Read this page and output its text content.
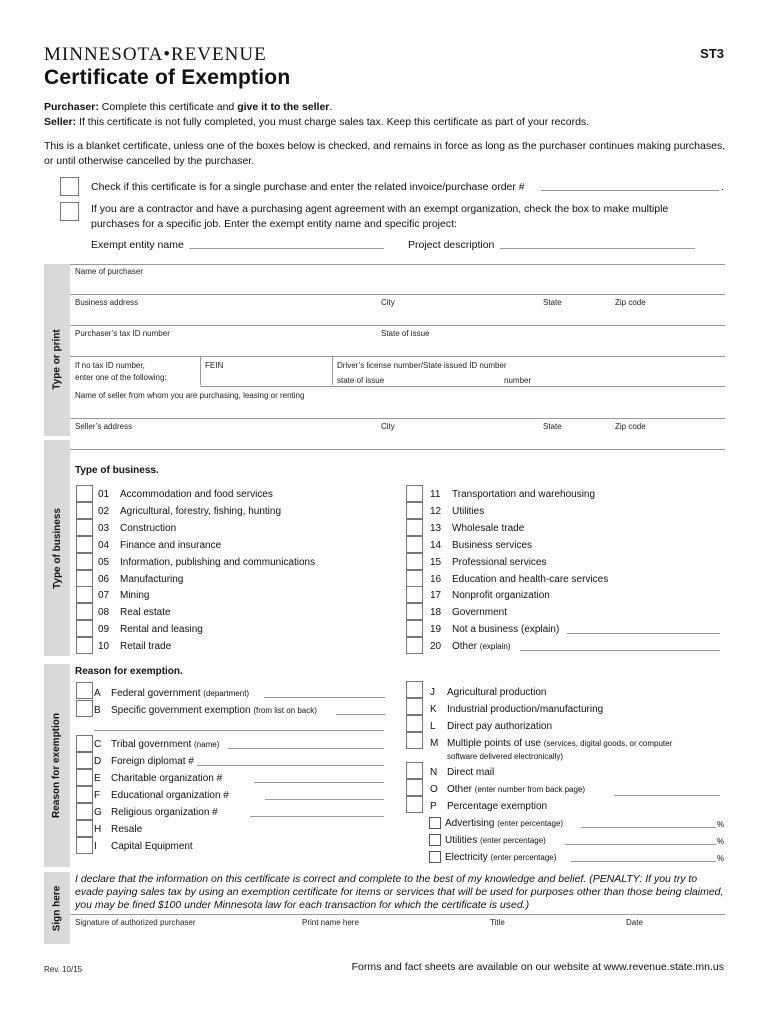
MINNESOTA•REVENUE	ST3
Certificate of Exemption
Purchaser: Complete this certificate and give it to the seller.
Seller: If this certificate is not fully completed, you must charge sales tax. Keep this certificate as part of your records.
This is a blanket certificate, unless one of the boxes below is checked, and remains in force as long as the purchaser continues making purchases, or until otherwise cancelled by the purchaser.
Check if this certificate is for a single purchase and enter the related invoice/purchase order #	.
If you are a contractor and have a purchasing agent agreement with an exempt organization, check the box to make multiple purchases for a specific job. Enter the exempt entity name and specific project:
Exempt entity name	Project description
Type or print
Name of purchaser
Business address	City	State	Zip code
Purchaser’s tax ID number	State of issue
If no tax ID number,
enter one of the following:
FEIN	Driver’s license number/State issued ID number
state of issue	number
Name of seller from whom you are purchasing, leasing or renting
Seller’s address	City	State	Zip code
Type of business
Type of business.
01 Accommodation and food services
02 Agricultural, forestry, fishing, hunting
03 Construction
04 Finance and insurance
05 Information, publishing and communications
06 Manufacturing
07 Mining
08 Real estate
09 Rental and leasing
10 Retail trade
11 Transportation and warehousing
12 Utilities
13 Wholesale trade
14 Business services
15 Professional services
16 Education and health-care services
17 Nonprofit organization
18 Government
19 Not a business (explain)
20 Other (explain)
Reason for exemption
Reason for exemption.
A Federal government (department)
B Specific government exemption (from list on back)
C Tribal government (name)
D Foreign diplomat #
E Charitable organization #
F Educational organization #
G Religious organization #
H Resale
I Capital Equipment
J Agricultural production
K Industrial production/manufacturing
L Direct pay authorization
M Multiple points of use (services, digital goods, or computer
software delivered electronically)
N Direct mail
O Other (enter number from back page)
P Percentage exemption
Advertising (enter percentage)	%
Utilities (enter percentage)	%
Electricity (enter percentage)	%
Sign here
I declare that the information on this certificate is correct and complete to the best of my knowledge and belief. (PENALTY: If you try to evade paying sales tax by using an exemption certificate for items or services that will be used for purposes other than those being claimed, you may be fined $100 under Minnesota law for each transaction for which the certificate is used.)
Signature of authorized purchaser	Print name here	Title	Date
Rev. 10/15	Forms and fact sheets are available on our website at www.revenue.state.mn.us
